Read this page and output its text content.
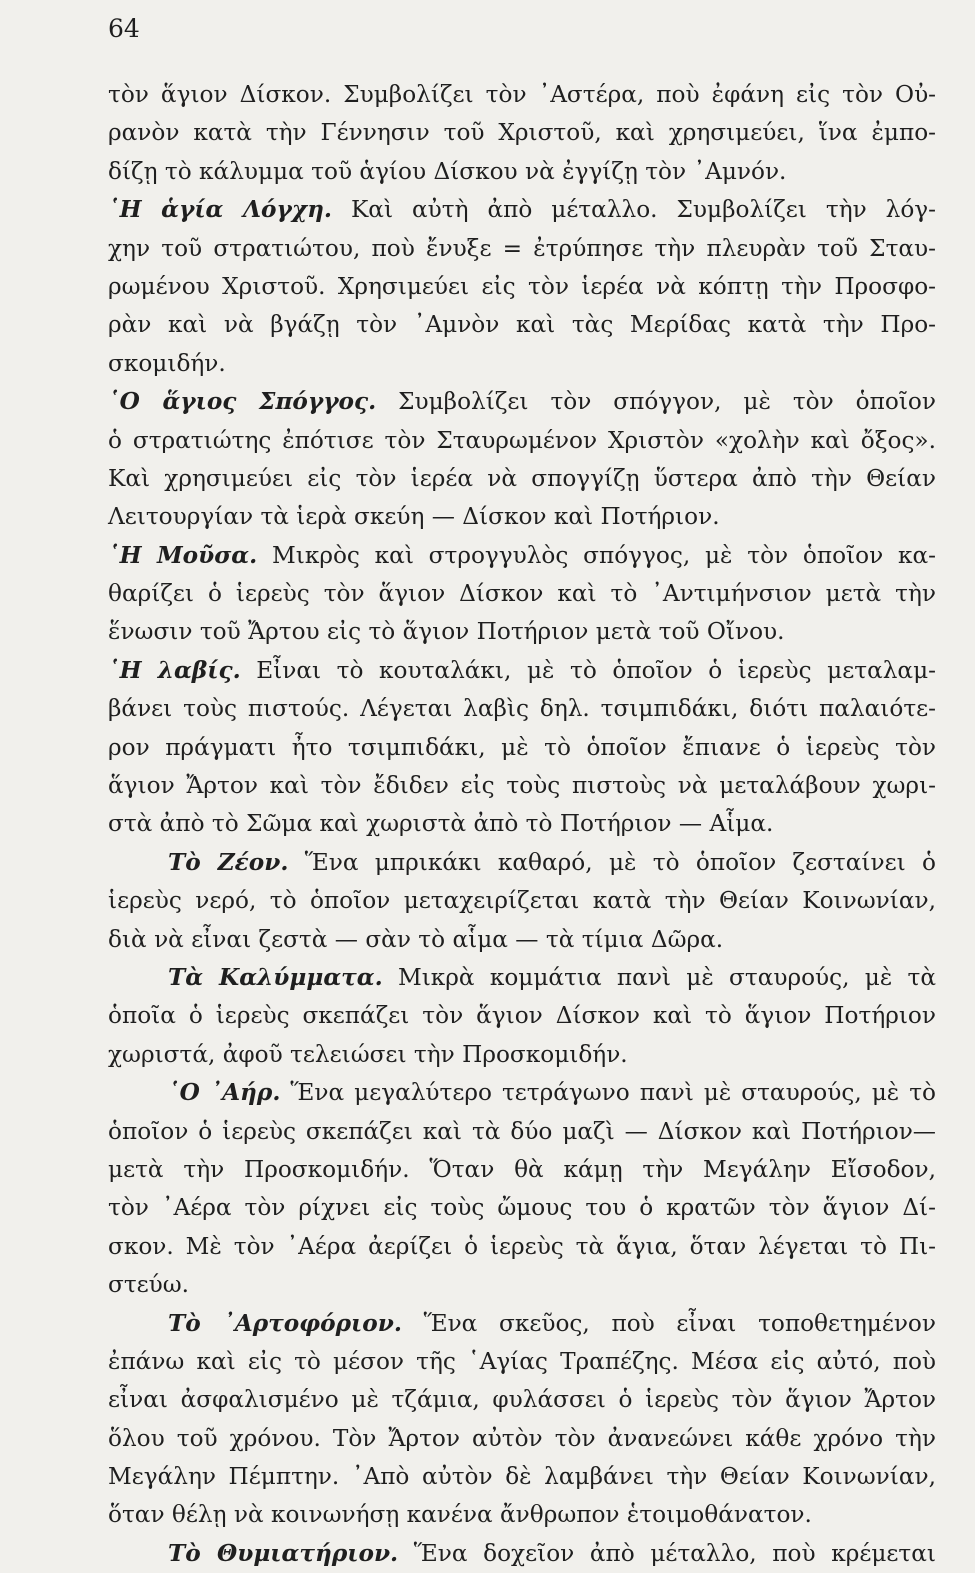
64
τὸν ἅγιον Δίσκον. Συμβολίζει τὸν ᾿Αστέρα, ποὺ ἐφάνη εἰς τὸν Οὐ-
ρανὸν κατὰ τὴν Γέννησιν τοῦ Χριστοῦ, καὶ χρησιμεύει, ἵνα ἐμπο-
δίζῃ τὸ κάλυμμα τοῦ ἁγίου Δίσκου νὰ ἐγγίζῃ τὸν ᾿Αμνόν.
῾Η ἁγία Λόγχη. Καὶ αὐτὴ ἀπὸ μέταλλο. Συμβολίζει τὴν λόγ-
χην τοῦ στρατιώτου, ποὺ ἔνυξε = ἐτρύπησε τὴν πλευρὰν τοῦ Σταυ-
ρωμένου Χριστοῦ. Χρησιμεύει εἰς τὸν ἱερέα νὰ κόπτῃ τὴν Προσφο-
ρὰν καὶ νὰ βγάζῃ τὸν ᾿Αμνὸν καὶ τὰς Μερίδας κατὰ τὴν Προ-
σκομιδήν.
῾Ο ἅγιος Σπόγγος. Συμβολίζει τὸν σπόγγον, μὲ τὸν ὁποῖον
ὁ στρατιώτης ἐπότισε τὸν Σταυρωμένον Χριστὸν «χολὴν καὶ ὄξος».
Καὶ χρησιμεύει εἰς τὸν ἱερέα νὰ σπογγίζῃ ὕστερα ἀπὸ τὴν Θείαν
Λειτουργίαν τὰ ἱερὰ σκεύη — Δίσκον καὶ Ποτήριον.
῾Η Μοῦσα. Μικρὸς καὶ στρογγυλὸς σπόγγος, μὲ τὸν ὁποῖον κα-
θαρίζει ὁ ἱερεὺς τὸν ἅγιον Δίσκον καὶ τὸ ᾿Αντιμήνσιον μετὰ τὴν
ἕνωσιν τοῦ Ἄρτου εἰς τὸ ἅγιον Ποτήριον μετὰ τοῦ Οἴνου.
῾Η λαβίς. Εἶναι τὸ κουταλάκι, μὲ τὸ ὁποῖον ὁ ἱερεὺς μεταλαμ-
βάνει τοὺς πιστούς. Λέγεται λαβὶς δηλ. τσιμπιδάκι, διότι παλαιότε-
ρον πράγματι ἦτο τσιμπιδάκι, μὲ τὸ ὁποῖον ἔπιανε ὁ ἱερεὺς τὸν
ἅγιον Ἄρτον καὶ τὸν ἔδιδεν εἰς τοὺς πιστοὺς νὰ μεταλάβουν χωρι-
στὰ ἀπὸ τὸ Σῶμα καὶ χωριστὰ ἀπὸ τὸ Ποτήριον — Αἷμα.
Τὸ Ζέον. Ἕνα μπρικάκι καθαρό, μὲ τὸ ὁποῖον ζεσταίνει ὁ
ἱερεὺς νερό, τὸ ὁποῖον μεταχειρίζεται κατὰ τὴν Θείαν Κοινωνίαν,
διὰ νὰ εἶναι ζεστὰ — σὰν τὸ αἷμα — τὰ τίμια Δῶρα.
Τὰ Καλύμματα. Μικρὰ κομμάτια πανὶ μὲ σταυρούς, μὲ τὰ
ὁποῖα ὁ ἱερεὺς σκεπάζει τὸν ἅγιον Δίσκον καὶ τὸ ἅγιον Ποτήριον
χωριστά, ἀφοῦ τελειώσει τὴν Προσκομιδήν.
῾Ο ᾿Αήρ. Ἕνα μεγαλύτερο τετράγωνο πανὶ μὲ σταυρούς, μὲ τὸ
ὁποῖον ὁ ἱερεὺς σκεπάζει καὶ τὰ δύο μαζὶ — Δίσκον καὶ Ποτήριον—
μετὰ τὴν Προσκομιδήν. Ὅταν θὰ κάμῃ τὴν Μεγάλην Εἴσοδον,
τὸν ᾿Αέρα τὸν ρίχνει εἰς τοὺς ὤμους του ὁ κρατῶν τὸν ἅγιον Δί-
σκον. Μὲ τὸν ᾿Αέρα ἀερίζει ὁ ἱερεὺς τὰ ἅγια, ὅταν λέγεται τὸ Πι-
στεύω.
Τὸ ᾿Αρτοφόριον. Ἕνα σκεῦος, ποὺ εἶναι τοποθετημένον
ἐπάνω καὶ εἰς τὸ μέσον τῆς ῾Αγίας Τραπέζης. Μέσα εἰς αὐτό, ποὺ
εἶναι ἀσφαλισμένο μὲ τζάμια, φυλάσσει ὁ ἱερεὺς τὸν ἅγιον Ἄρτον
ὅλου τοῦ χρόνου. Τὸν Ἄρτον αὐτὸν τὸν ἀνανεώνει κάθε χρόνο τὴν
Μεγάλην Πέμπτην. ᾿Απὸ αὐτὸν δὲ λαμβάνει τὴν Θείαν Κοινωνίαν,
ὅταν θέλῃ νὰ κοινωνήσῃ κανένα ἄνθρωπον ἑτοιμοθάνατον.
Τὸ Θυμιατήριον. Ἕνα δοχεῖον ἀπὸ μέταλλο, ποὺ κρέμεται
